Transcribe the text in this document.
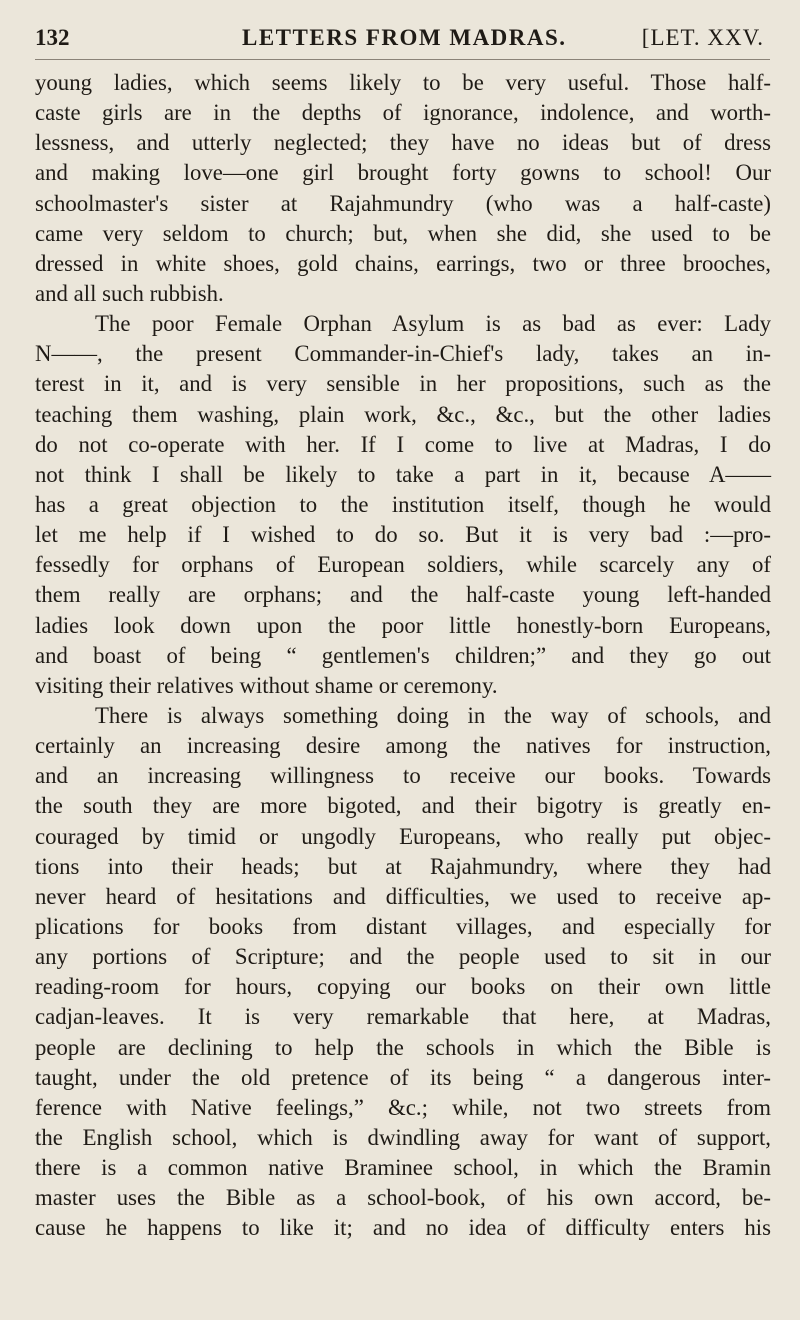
132	LETTERS FROM MADRAS.	[LET. XXV.
young ladies, which seems likely to be very useful. Those half-
caste girls are in the depths of ignorance, indolence, and worth-
lessness, and utterly neglected; they have no ideas but of dress
and making love—one girl brought forty gowns to school! Our
schoolmaster's sister at Rajahmundry (who was a half-caste)
came very seldom to church; but, when she did, she used to be
dressed in white shoes, gold chains, earrings, two or three brooches,
and all such rubbish.
The poor Female Orphan Asylum is as bad as ever: Lady
N——, the present Commander-in-Chief's lady, takes an in-
terest in it, and is very sensible in her propositions, such as the
teaching them washing, plain work, &c., &c., but the other ladies
do not co-operate with her. If I come to live at Madras, I do
not think I shall be likely to take a part in it, because A——
has a great objection to the institution itself, though he would
let me help if I wished to do so. But it is very bad :—pro-
fessedly for orphans of European soldiers, while scarcely any of
them really are orphans; and the half-caste young left-handed
ladies look down upon the poor little honestly-born Europeans,
and boast of being “ gentlemen's children;” and they go out
visiting their relatives without shame or ceremony.
There is always something doing in the way of schools, and
certainly an increasing desire among the natives for instruction,
and an increasing willingness to receive our books. Towards
the south they are more bigoted, and their bigotry is greatly en-
couraged by timid or ungodly Europeans, who really put objec-
tions into their heads; but at Rajahmundry, where they had
never heard of hesitations and difficulties, we used to receive ap-
plications for books from distant villages, and especially for
any portions of Scripture; and the people used to sit in our
reading-room for hours, copying our books on their own little
cadjan-leaves. It is very remarkable that here, at Madras,
people are declining to help the schools in which the Bible is
taught, under the old pretence of its being “ a dangerous inter-
ference with Native feelings,” &c.; while, not two streets from
the English school, which is dwindling away for want of support,
there is a common native Braminee school, in which the Bramin
master uses the Bible as a school-book, of his own accord, be-
cause he happens to like it; and no idea of difficulty enters his
